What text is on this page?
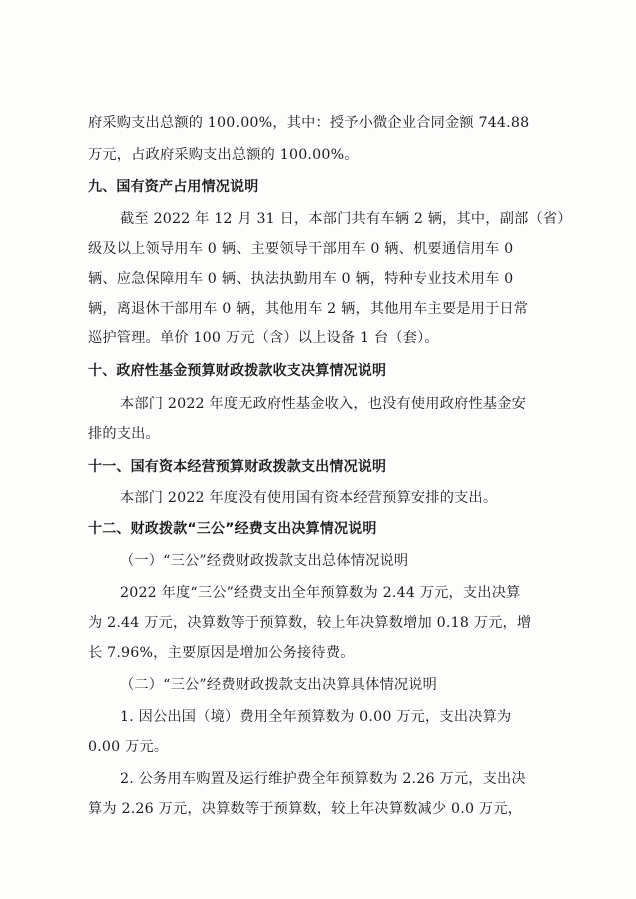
府采购支出总额的 100.00%，其中：授予小微企业合同金额 744.88
万元，占政府采购支出总额的 100.00%。
九、国有资产占用情况说明
截至 2022 年 12 月 31 日，本部门共有车辆 2 辆，其中，副部（省）
级及以上领导用车 0 辆、主要领导干部用车 0 辆、机要通信用车 0
辆、应急保障用车 0 辆、执法执勤用车 0 辆，特种专业技术用车 0
辆，离退休干部用车 0 辆，其他用车 2 辆，其他用车主要是用于日常
巡护管理。单价 100 万元（含）以上设备 1 台（套）。
十、政府性基金预算财政拨款收支决算情况说明
本部门 2022 年度无政府性基金收入，也没有使用政府性基金安
排的支出。
十一、国有资本经营预算财政拨款支出情况说明
本部门 2022 年度没有使用国有资本经营预算安排的支出。
十二、财政拨款“三公”经费支出决算情况说明
（一）“三公”经费财政拨款支出总体情况说明
2022 年度“三公”经费支出全年预算数为 2.44 万元，支出决算
为 2.44 万元，决算数等于预算数，较上年决算数增加 0.18 万元，增
长 7.96%，主要原因是增加公务接待费。
（二）“三公”经费财政拨款支出决算具体情况说明
1. 因公出国（境）费用全年预算数为 0.00 万元，支出决算为
0.00 万元。
2. 公务用车购置及运行维护费全年预算数为 2.26 万元，支出决
算为 2.26 万元，决算数等于预算数，较上年决算数减少 0.0 万元，
